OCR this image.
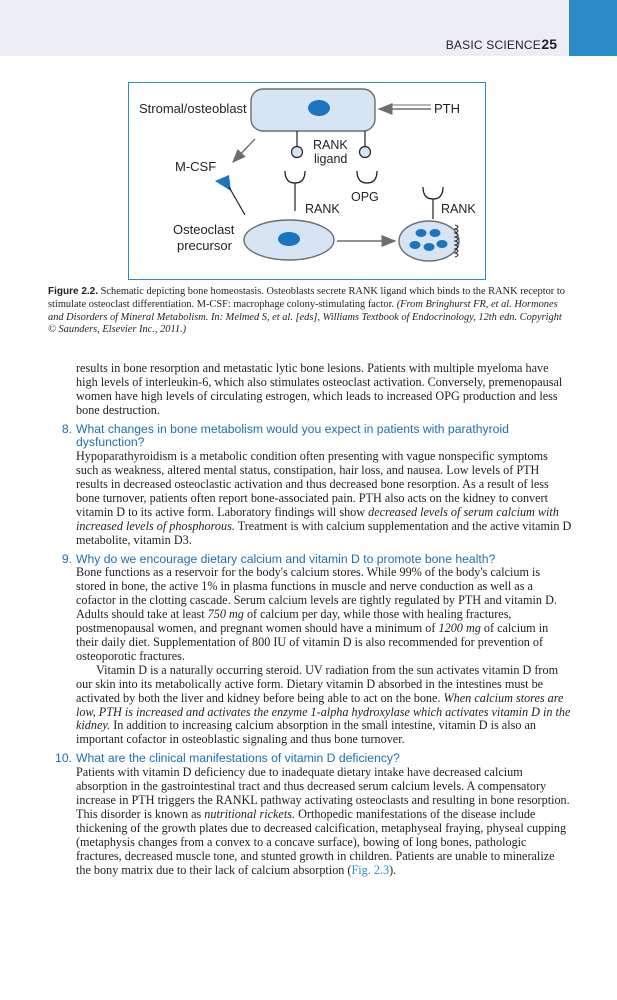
BASIC SCIENCE 25
Stromal/osteoblast	PTH
RANK
ligand
M-CSF
RANK
OPG
RANK
Osteoclast
precursor
Figure 2.2. Schematic depicting bone homeostasis. Osteoblasts secrete RANK ligand which binds to the RANK receptor to stimulate osteoclast differentiation. M-CSF: macrophage colony-stimulating factor. (From Bringhurst FR, et al. Hormones and Disorders of Mineral Metabolism. In: Melmed S, et al. [eds], Williams Textbook of Endocrinology, 12th edn. Copyright © Saunders, Elsevier Inc., 2011.)

results in bone resorption and metastatic lytic bone lesions. Patients with multiple myeloma have high levels of interleukin-6, which also stimulates osteoclast activation. Conversely, premenopausal women have high levels of circulating estrogen, which leads to increased OPG production and less bone destruction.

8. What changes in bone metabolism would you expect in patients with parathyroid dysfunction?

Hypoparathyroidism is a metabolic condition often presenting with vague nonspecific symptoms such as weakness, altered mental status, constipation, hair loss, and nausea. Low levels of PTH results in decreased osteoclastic activation and thus decreased bone resorption. As a result of less bone turnover, patients often report bone-associated pain. PTH also acts on the kidney to convert vitamin D to its active form. Laboratory findings will show decreased levels of serum calcium with increased levels of phosphorous. Treatment is with calcium supplementation and the active vitamin D metabolite, vitamin D3.

9. Why do we encourage dietary calcium and vitamin D to promote bone health?

Bone functions as a reservoir for the body's calcium stores. While 99% of the body's calcium is stored in bone, the active 1% in plasma functions in muscle and nerve conduction as well as a cofactor in the clotting cascade. Serum calcium levels are tightly regulated by PTH and vitamin D. Adults should take at least 750 mg of calcium per day, while those with healing fractures, postmenopausal women, and pregnant women should have a minimum of 1200 mg of calcium in their daily diet. Supplementation of 800 IU of vitamin D is also recommended for prevention of osteoporotic fractures.

Vitamin D is a naturally occurring steroid. UV radiation from the sun activates vitamin D from our skin into its metabolically active form. Dietary vitamin D absorbed in the intestines must be activated by both the liver and kidney before being able to act on the bone. When calcium stores are low, PTH is increased and activates the enzyme 1-alpha hydroxylase which activates vitamin D in the kidney. In addition to increasing calcium absorption in the small intestine, vitamin D is also an important cofactor in osteoblastic signaling and thus bone turnover.

10. What are the clinical manifestations of vitamin D deficiency?

Patients with vitamin D deficiency due to inadequate dietary intake have decreased calcium absorption in the gastrointestinal tract and thus decreased serum calcium levels. A compensatory increase in PTH triggers the RANKL pathway activating osteoclasts and resulting in bone resorption. This disorder is known as nutritional rickets. Orthopedic manifestations of the disease include thickening of the growth plates due to decreased calcification, metaphyseal fraying, physeal cupping (metaphysis changes from a convex to a concave surface), bowing of long bones, pathologic fractures, decreased muscle tone, and stunted growth in children. Patients are unable to mineralize the bony matrix due to their lack of calcium absorption (Fig. 2.3).
